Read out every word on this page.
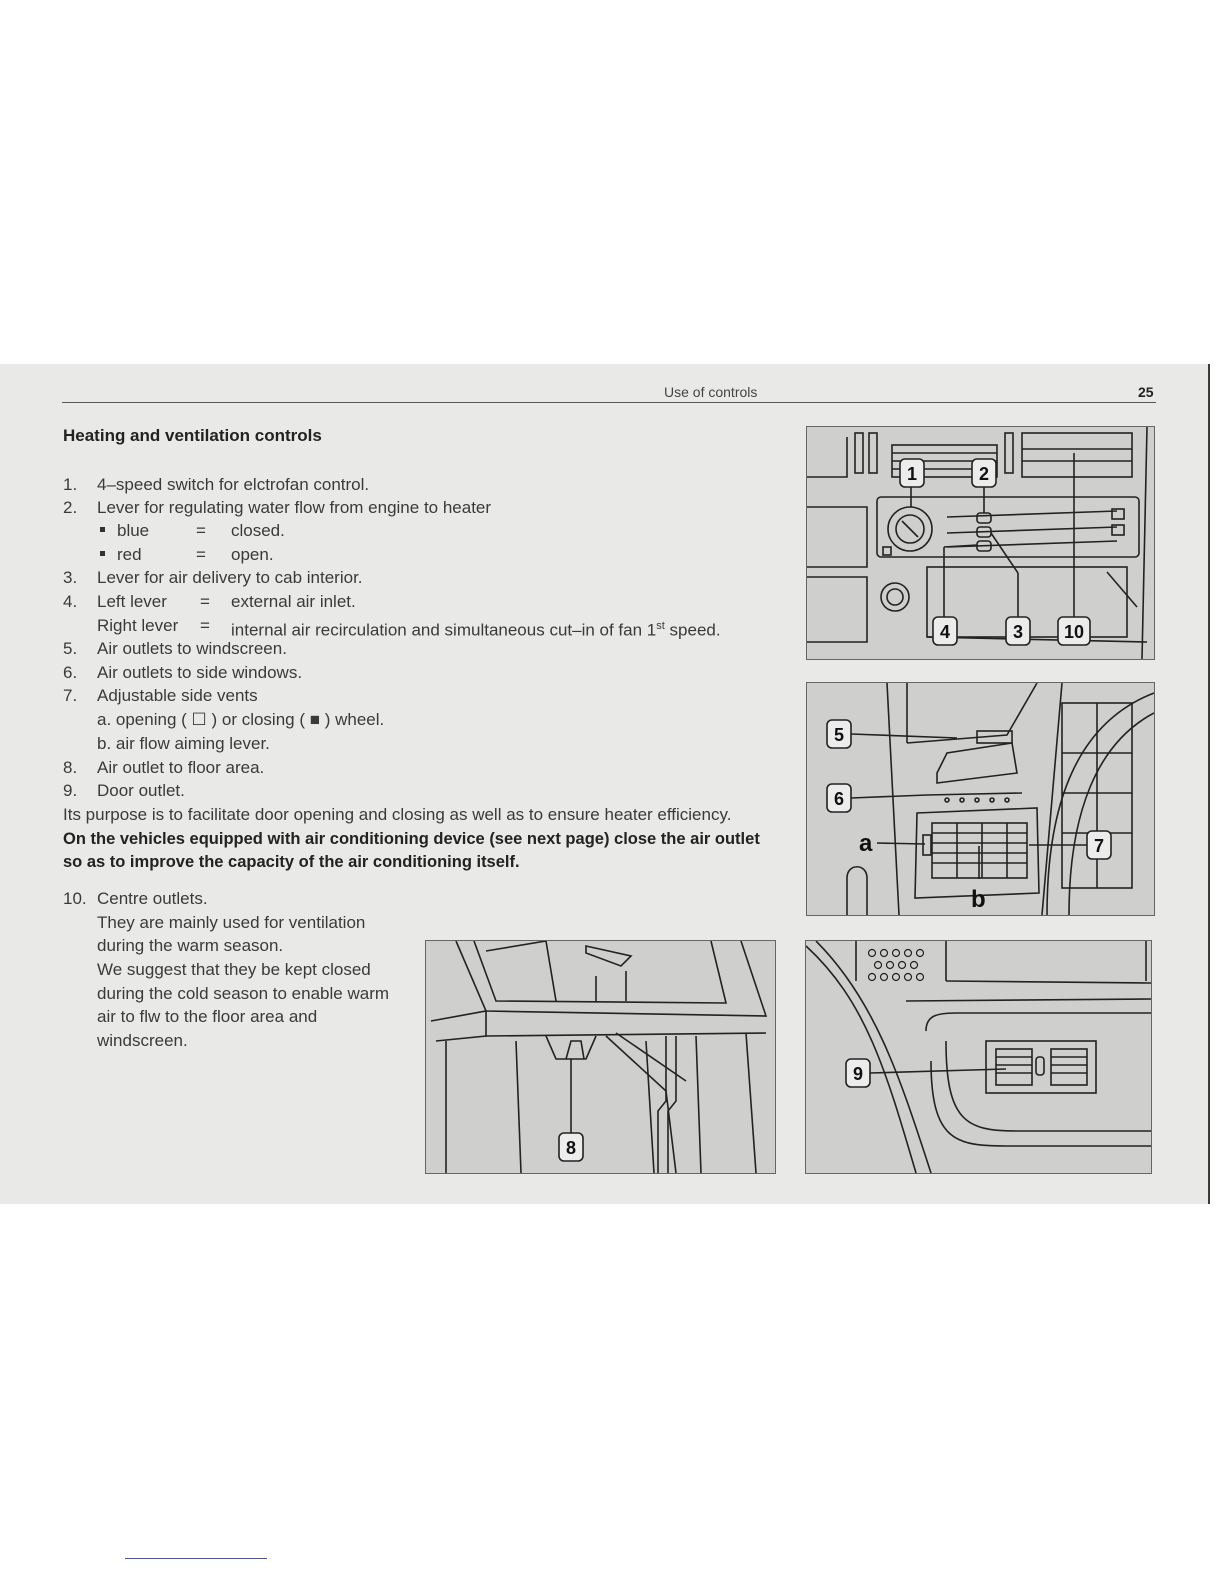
Use of controls	25
Heating and ventilation controls
1. 4–speed switch for elctrofan control.
2. Lever for regulating water flow from engine to heater
blue	= closed.
red	= open.
3. Lever for air delivery to cab interior.
4. Left lever = external air inlet.
Right lever = internal air recirculation and simultaneous cut–in of fan 1st speed.
5. Air outlets to windscreen.
6. Air outlets to side windows.
7. Adjustable side vents
a. opening ( ☐ ) or closing ( ■ ) wheel.
b. air flow aiming lever.
8. Air outlet to floor area.
9. Door outlet.
Its purpose is to facilitate door opening and closing as well as to ensure heater efficiency.
On the vehicles equipped with air conditioning device (see next page) close the air outlet
so as to improve the capacity of the air conditioning itself.
10. Centre outlets.
They are mainly used for ventilation
during the warm season.
We suggest that they be kept closed
during the cold season to enable warm
air to flw to the floor area and
windscreen.
1	2
4	3 10
5
6
7
a
b
8
9
